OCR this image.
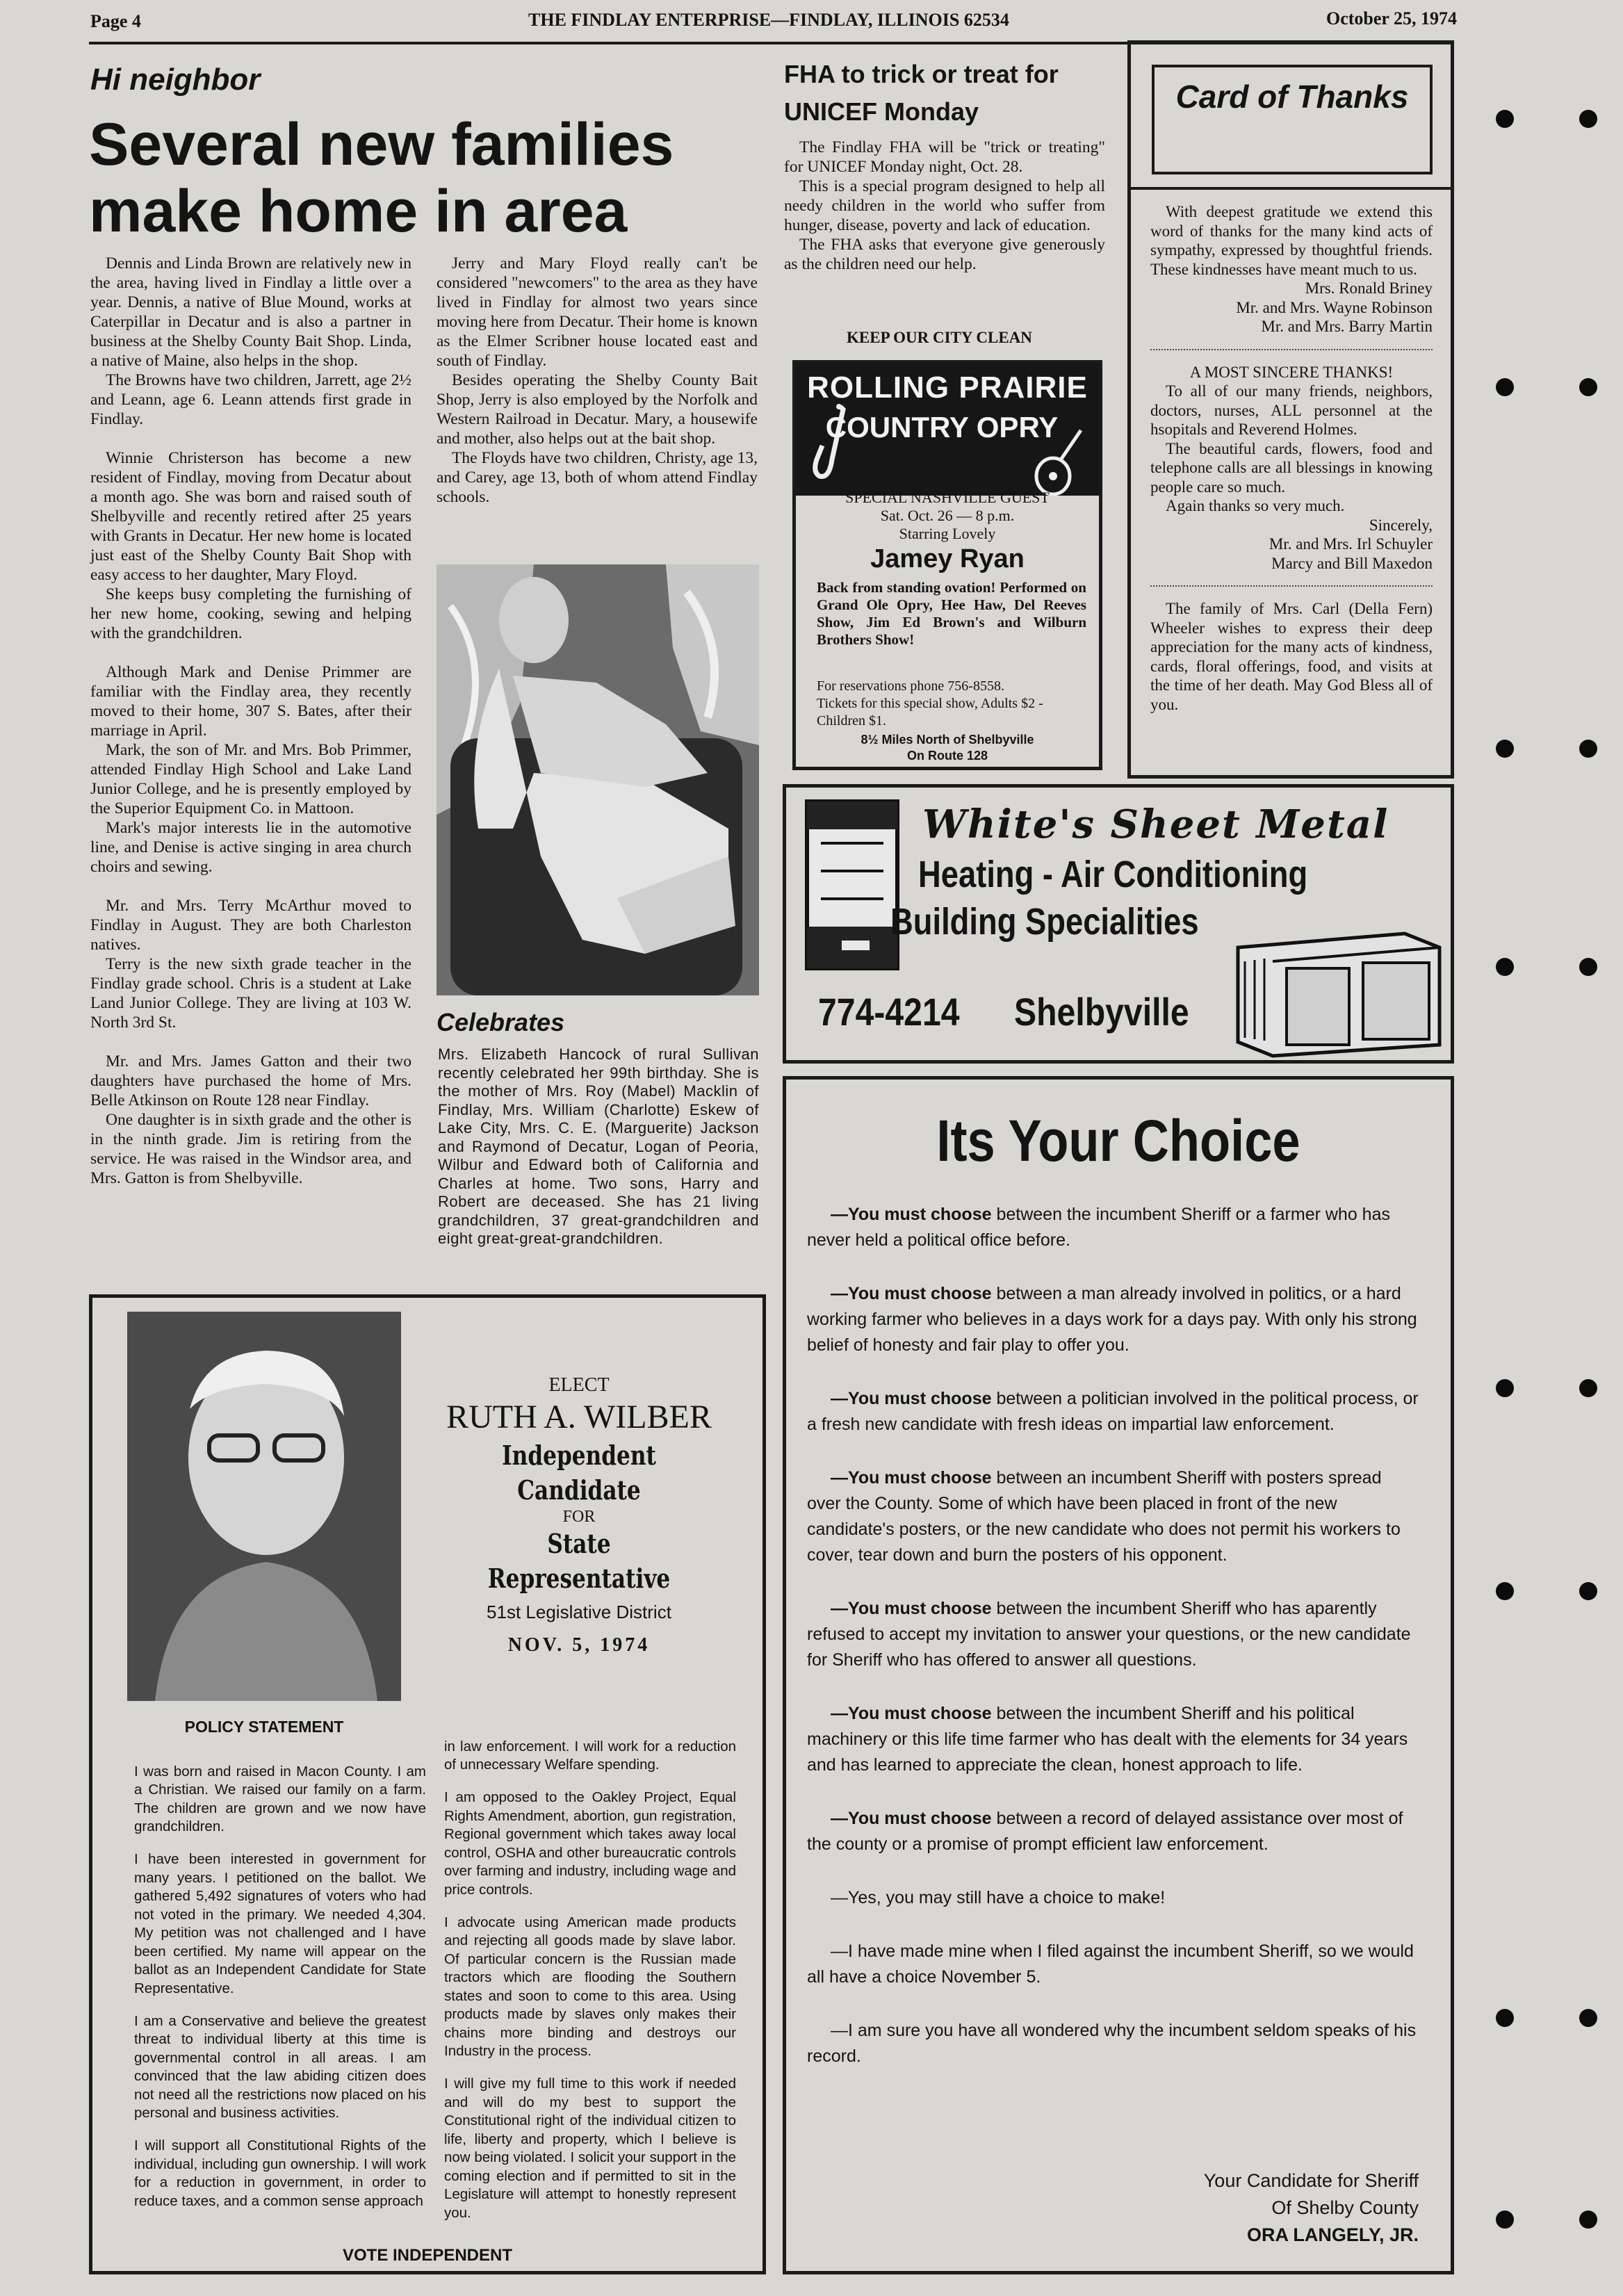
Page 4	THE FINDLAY ENTERPRISE—FINDLAY, ILLINOIS 62534	October 25, 1974
Hi neighbor
Several new families make home in area

Dennis and Linda Brown are relatively new in the area, having lived in Findlay a little over a year. Dennis, a native of Blue Mound, works at Caterpillar in Decatur and is also a partner in business at the Shelby County Bait Shop. Linda, a native of Maine, also helps in the shop.

The Browns have two children, Jarrett, age 2½ and Leann, age 6. Leann attends first grade in Findlay.

Winnie Christerson has become a new resident of Findlay, moving from Decatur about a month ago. She was born and raised south of Shelbyville and recently retired after 25 years with Grants in Decatur. Her new home is located just east of the Shelby County Bait Shop with easy access to her daughter, Mary Floyd.

She keeps busy completing the furnishing of her new home, cooking, sewing and helping with the grandchildren.

Although Mark and Denise Primmer are familiar with the Findlay area, they recently moved to their home, 307 S. Bates, after their marriage in April.

Mark, the son of Mr. and Mrs. Bob Primmer, attended Findlay High School and Lake Land Junior College, and he is presently employed by the Superior Equipment Co. in Mattoon.

Mark's major interests lie in the automotive line, and Denise is active singing in area church choirs and sewing.

Mr. and Mrs. Terry McArthur moved to Findlay in August. They are both Charleston natives.

Terry is the new sixth grade teacher in the Findlay grade school. Chris is a student at Lake Land Junior College. They are living at 103 W. North 3rd St.

Mr. and Mrs. James Gatton and their two daughters have purchased the home of Mrs. Belle Atkinson on Route 128 near Findlay.

One daughter is in sixth grade and the other is in the ninth grade. Jim is retiring from the service. He was raised in the Windsor area, and Mrs. Gatton is from Shelbyville.

Jerry and Mary Floyd really can't be considered "newcomers" to the area as they have lived in Findlay for almost two years since moving here from Decatur. Their home is known as the Elmer Scribner house located east and south of Findlay.

Besides operating the Shelby County Bait Shop, Jerry is also employed by the Norfolk and Western Railroad in Decatur. Mary, a housewife and mother, also helps out at the bait shop.

The Floyds have two children, Christy, age 13, and Carey, age 13, both of whom attend Findlay schools.

Celebrates
Mrs. Elizabeth Hancock of rural Sullivan recently celebrated her 99th birthday. She is the mother of Mrs. Roy (Mabel) Macklin of Findlay, Mrs. William (Charlotte) Eskew of Lake City, Mrs. C. E. (Marguerite) Jackson and Raymond of Decatur, Logan of Peoria, Wilbur and Edward both of California and Charles at home. Two sons, Harry and Robert are deceased. She has 21 living grandchildren, 37 great-grandchildren and eight great-great-grandchildren.
FHA to trick or treat for UNICEF Monday

The Findlay FHA will be "trick or treating" for UNICEF Monday night, Oct. 28.

This is a special program designed to help all needy children in the world who suffer from hunger, disease, poverty and lack of education.

The FHA asks that everyone give generously as the children need our help.

KEEP OUR CITY CLEAN
ROLLING PRAIRIE
COUNTRY OPRY
SPECIAL NASHVILLE GUEST
Sat. Oct. 26 — 8 p.m.
Starring Lovely
Jamey Ryan
Back from standing ovation! Performed on Grand Ole Opry, Hee Haw, Del Reeves Show, Jim Ed Brown's and Wilburn Brothers Show!
For reservations phone 756-8558.
Tickets for this special show, Adults $2 - Children $1.
8½ Miles North of Shelbyville
On Route 128
Card of Thanks

With deepest gratitude we extend this word of thanks for the many kind acts of sympathy, expressed by thoughtful friends. These kindnesses have meant much to us.

Mrs. Ronald Briney
Mr. and Mrs. Wayne Robinson
Mr. and Mrs. Barry Martin
A MOST SINCERE THANKS!

To all of our many friends, neighbors, doctors, nurses, ALL personnel at the hsopitals and Reverend Holmes.

The beautiful cards, flowers, food and telephone calls are all blessings in knowing people care so much.

Again thanks so very much.

Sincerely,
Mr. and Mrs. Irl Schuyler
Marcy and Bill Maxedon

The family of Mrs. Carl (Della Fern) Wheeler wishes to express their deep appreciation for the many acts of kindness, cards, floral offerings, food, and visits at the time of her death. May God Bless all of you.

White's Sheet Metal
Heating - Air Conditioning
Building Specialities
774-4214 Shelbyville
Its Your Choice

—You must choose between the incumbent Sheriff or a farmer who has never held a political office before.

—You must choose between a man already involved in politics, or a hard working farmer who believes in a days work for a days pay. With only his strong belief of honesty and fair play to offer you.

—You must choose between a politician involved in the political process, or a fresh new candidate with fresh ideas on impartial law enforcement.

—You must choose between an incumbent Sheriff with posters spread over the County. Some of which have been placed in front of the new candidate's posters, or the new candidate who does not permit his workers to cover, tear down and burn the posters of his opponent.

—You must choose between the incumbent Sheriff who has aparently refused to accept my invitation to answer your questions, or the new candidate for Sheriff who has offered to answer all questions.

—You must choose between the incumbent Sheriff and his political machinery or this life time farmer who has dealt with the elements for 34 years and has learned to appreciate the clean, honest approach to life.

—You must choose between a record of delayed assistance over most of the county or a promise of prompt efficient law enforcement.

—Yes, you may still have a choice to make!

—I have made mine when I filed against the incumbent Sheriff, so we would all have a choice November 5.

—I am sure you have all wondered why the incumbent seldom speaks of his record.

Your Candidate for Sheriff
Of Shelby County
ORA LANGELY, JR.
ELECT
RUTH A. WILBER
Independent Candidate
FOR
State Representative
51st Legislative District
NOV. 5, 1974
POLICY STATEMENT

I was born and raised in Macon County. I am a Christian. We raised our family on a farm. The children are grown and we now have grandchildren.

I have been interested in government for many years. I petitioned on the ballot. We gathered 5,492 signatures of voters who had not voted in the primary. We needed 4,304. My petition was not challenged and I have been certified. My name will appear on the ballot as an Independent Candidate for State Representative.

I am a Conservative and believe the greatest threat to individual liberty at this time is governmental control in all areas. I am convinced that the law abiding citizen does not need all the restrictions now placed on his personal and business activities.

I will support all Constitutional Rights of the individual, including gun ownership. I will work for a reduction in government, in order to reduce taxes, and a common sense approach

in law enforcement. I will work for a reduction of unnecessary Welfare spending.

I am opposed to the Oakley Project, Equal Rights Amendment, abortion, gun registration, Regional government which takes away local control, OSHA and other bureaucratic controls over farming and industry, including wage and price controls.

I advocate using American made products and rejecting all goods made by slave labor. Of particular concern is the Russian made tractors which are flooding the Southern states and soon to come to this area. Using products made by slaves only makes their chains more binding and destroys our Industry in the process.

I will give my full time to this work if needed and will do my best to support the Constitutional right of the individual citizen to life, liberty and property, which I believe is now being violated. I solicit your support in the coming election and if permitted to sit in the Legislature will attempt to honestly represent you.

VOTE INDEPENDENT
